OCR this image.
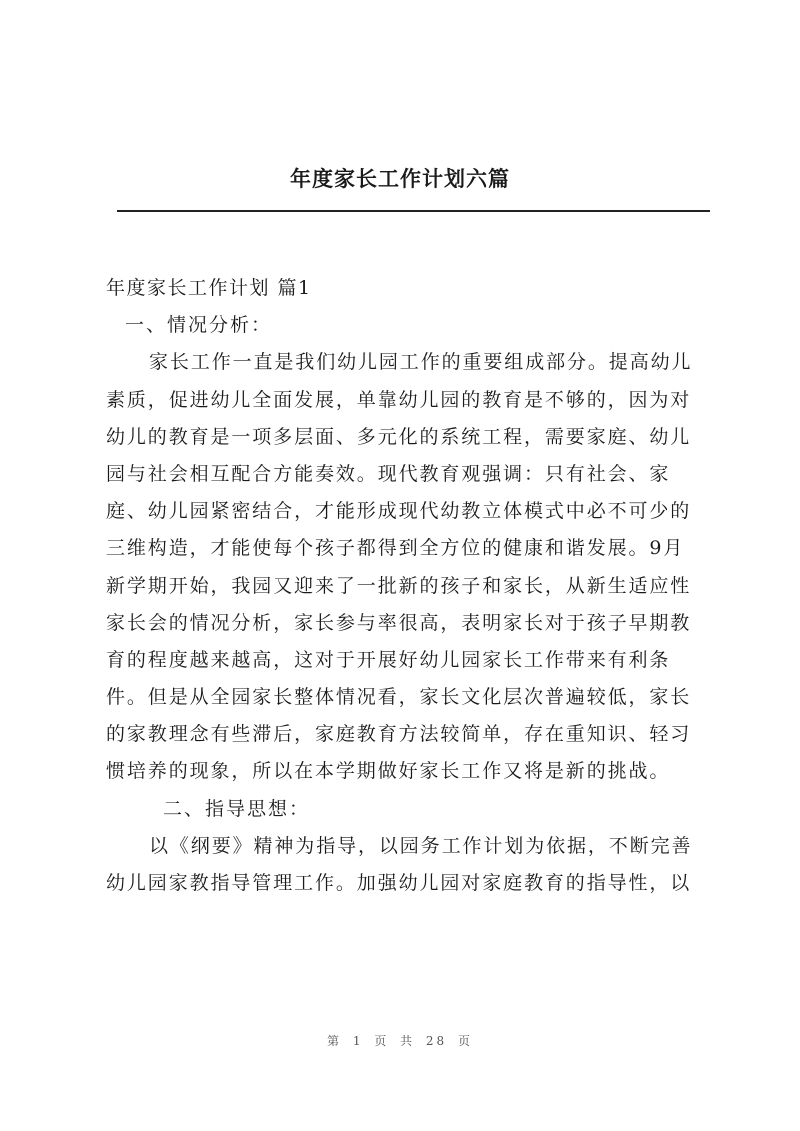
年度家长工作计划六篇
年度家长工作计划 篇1
一、情况分析：
家长工作一直是我们幼儿园工作的重要组成部分。提高幼儿
素质，促进幼儿全面发展，单靠幼儿园的教育是不够的，因为对
幼儿的教育是一项多层面、多元化的系统工程，需要家庭、幼儿
园与社会相互配合方能奏效。现代教育观强调：只有社会、家
庭、幼儿园紧密结合，才能形成现代幼教立体模式中必不可少的
三维构造，才能使每个孩子都得到全方位的健康和谐发展。9月
新学期开始，我园又迎来了一批新的孩子和家长，从新生适应性
家长会的情况分析，家长参与率很高，表明家长对于孩子早期教
育的程度越来越高，这对于开展好幼儿园家长工作带来有利条
件。但是从全园家长整体情况看，家长文化层次普遍较低，家长
的家教理念有些滞后，家庭教育方法较简单，存在重知识、轻习
惯培养的现象，所以在本学期做好家长工作又将是新的挑战。
二、指导思想：
以《纲要》精神为指导，以园务工作计划为依据，不断完善
幼儿园家教指导管理工作。加强幼儿园对家庭教育的指导性，以
第 1 页 共 28 页
